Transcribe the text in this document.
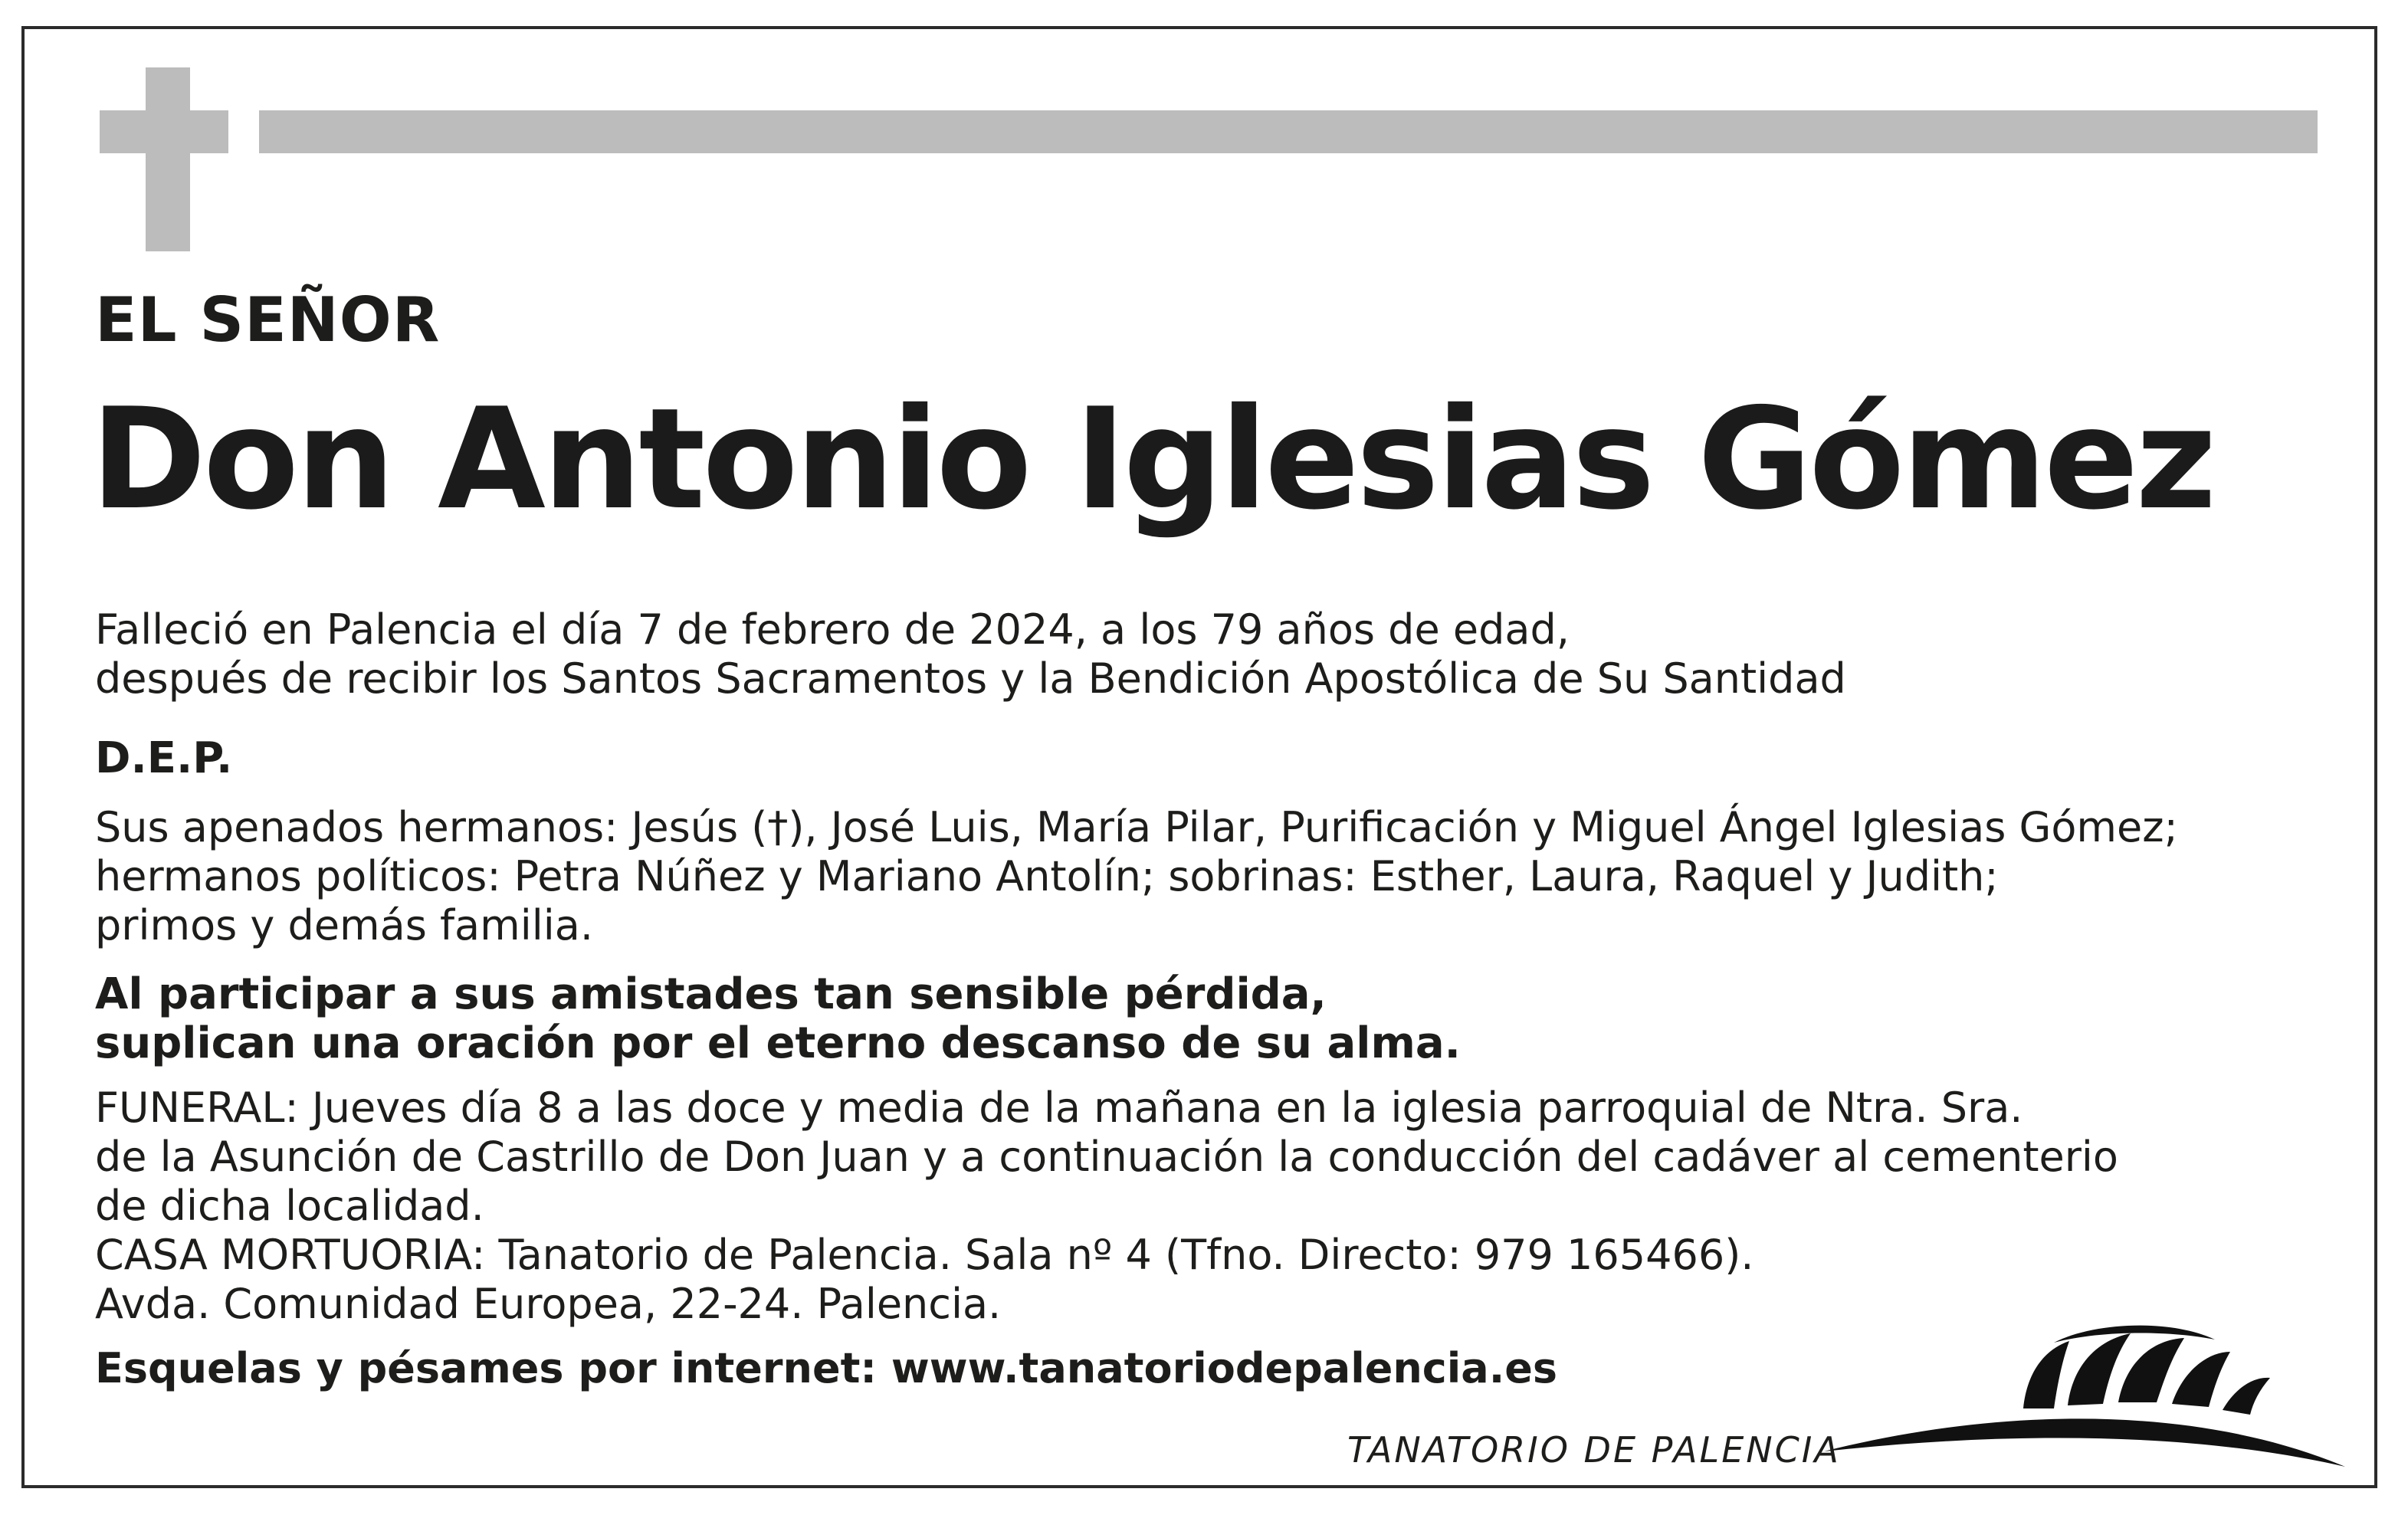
EL SEÑOR
Don Antonio Iglesias Gómez
Falleció en Palencia el día 7 de febrero de 2024, a los 79 años de edad,
después de recibir los Santos Sacramentos y la Bendición Apostólica de Su Santidad
D.E.P.
Sus apenados hermanos: Jesús (†), José Luis, María Pilar, Purificación y Miguel Ángel Iglesias Gómez;
hermanos políticos: Petra Núñez y Mariano Antolín; sobrinas: Esther, Laura, Raquel y Judith;
primos y demás familia.
Al participar a sus amistades tan sensible pérdida,
suplican una oración por el eterno descanso de su alma.
FUNERAL: Jueves día 8 a las doce y media de la mañana en la iglesia parroquial de Ntra. Sra.
de la Asunción de Castrillo de Don Juan y a continuación la conducción del cadáver al cementerio
de dicha localidad.
CASA MORTUORIA: Tanatorio de Palencia. Sala nº 4 (Tfno. Directo: 979 165466).
Avda. Comunidad Europea, 22-24. Palencia.
Esquelas y pésames por internet: www.tanatoriodepalencia.es
TANATORIO DE PALENCIA
